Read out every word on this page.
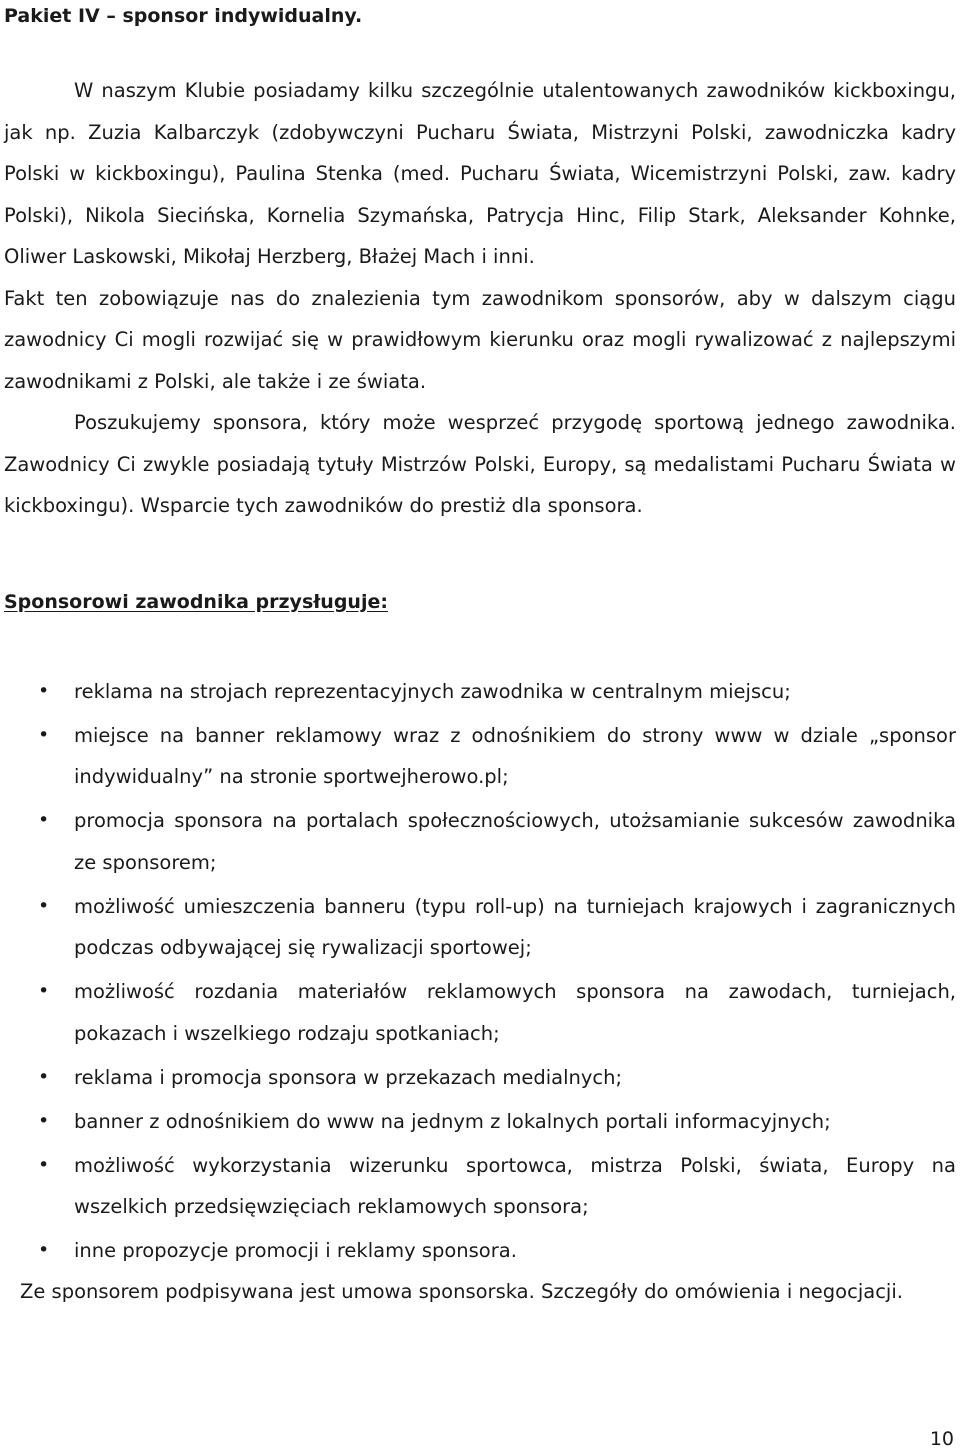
Pakiet IV – sponsor indywidualny.

W naszym Klubie posiadamy kilku szczególnie utalentowanych zawodników kickboxingu, jak np. Zuzia Kalbarczyk (zdobywczyni Pucharu Świata, Mistrzyni Polski, zawodniczka kadry Polski w kickboxingu), Paulina Stenka (med. Pucharu Świata, Wicemistrzyni Polski, zaw. kadry Polski), Nikola Siecińska, Kornelia Szymańska, Patrycja Hinc, Filip Stark, Aleksander Kohnke, Oliwer Laskowski, Mikołaj Herzberg, Błażej Mach i inni.

Fakt ten zobowiązuje nas do znalezienia tym zawodnikom sponsorów, aby w dalszym ciągu zawodnicy Ci mogli rozwijać się w prawidłowym kierunku oraz mogli rywalizować z najlepszymi zawodnikami z Polski, ale także i ze świata.

Poszukujemy sponsora, który może wesprzeć przygodę sportową jednego zawodnika. Zawodnicy Ci zwykle posiadają tytuły Mistrzów Polski, Europy, są medalistami Pucharu Świata w kickboxingu). Wsparcie tych zawodników do prestiż dla sponsora.

Sponsorowi zawodnika przysługuje:
• reklama na strojach reprezentacyjnych zawodnika w centralnym miejscu;
• miejsce na banner reklamowy wraz z odnośnikiem do strony www w dziale „sponsor indywidualny” na stronie sportwejherowo.pl;
• promocja sponsora na portalach społecznościowych, utożsamianie sukcesów zawodnika ze sponsorem;
• możliwość umieszczenia banneru (typu roll-up) na turniejach krajowych i zagranicznych podczas odbywającej się rywalizacji sportowej;
• możliwość rozdania materiałów reklamowych sponsora na zawodach, turniejach, pokazach i wszelkiego rodzaju spotkaniach;
• reklama i promocja sponsora w przekazach medialnych;
• banner z odnośnikiem do www na jednym z lokalnych portali informacyjnych;
• możliwość wykorzystania wizerunku sportowca, mistrza Polski, świata, Europy na wszelkich przedsięwzięciach reklamowych sponsora;
• inne propozycje promocji i reklamy sponsora.

Ze sponsorem podpisywana jest umowa sponsorska. Szczegóły do omówienia i negocjacji.

10
